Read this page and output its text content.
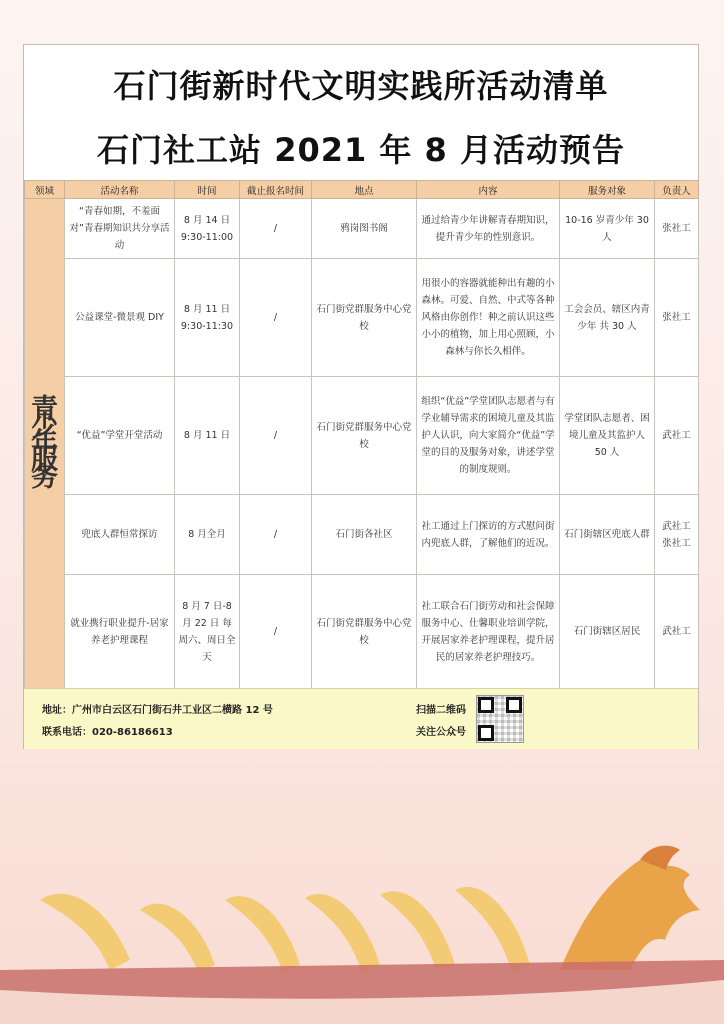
石门街新时代文明实践所活动清单
石门社工站 2021 年 8 月活动预告
领域	活动名称	时间	截止报名时间	地点	内容	服务对象	负责人

青少年服务	“青春如期，不羞面对”青春期知识共分享活动	8 月 14 日 9:30-11:00	/	鸦岗图书阁	通过给青少年讲解青春期知识，提升青少年的性别意识。	10-16 岁青少年 30 人	张社工
	公益课堂-微景观 DIY	8 月 11 日 9:30-11:30	/	石门街党群服务中心党校	用很小的容器就能种出有趣的小森林。可爱、自然、中式等各种风格由你创作！种之前认识这些小小的植物，加上用心照顾，小森林与你长久相伴。	工会会员、辖区内青少年 共 30 人	张社工
	“优益”学堂开堂活动	8 月 11 日	/	石门街党群服务中心党校	组织“优益”学堂团队志愿者与有学业辅导需求的困境儿童及其监护人认识，向大家简介“优益”学堂的目的及服务对象，讲述学堂的制度规则。	学堂团队志愿者、困境儿童及其监护人 50 人	武社工
	兜底人群恒常探访	8 月全月	/	石门街各社区	社工通过上门探访的方式慰问街内兜底人群，了解他们的近况。	石门街辖区兜底人群	武社工 张社工
	就业携行职业提升-居家养老护理课程	8 月 7 日-8 月 22 日 每周六、周日全天	/	石门街党群服务中心党校	社工联合石门街劳动和社会保障服务中心、仕馨职业培训学院，开展居家养老护理课程，提升居民的居家养老护理技巧。	石门街辖区居民	武社工
地址：广州市白云区石门街石井工业区二横路 12 号
联系电话：020-86186613
扫描二维码
关注公众号
